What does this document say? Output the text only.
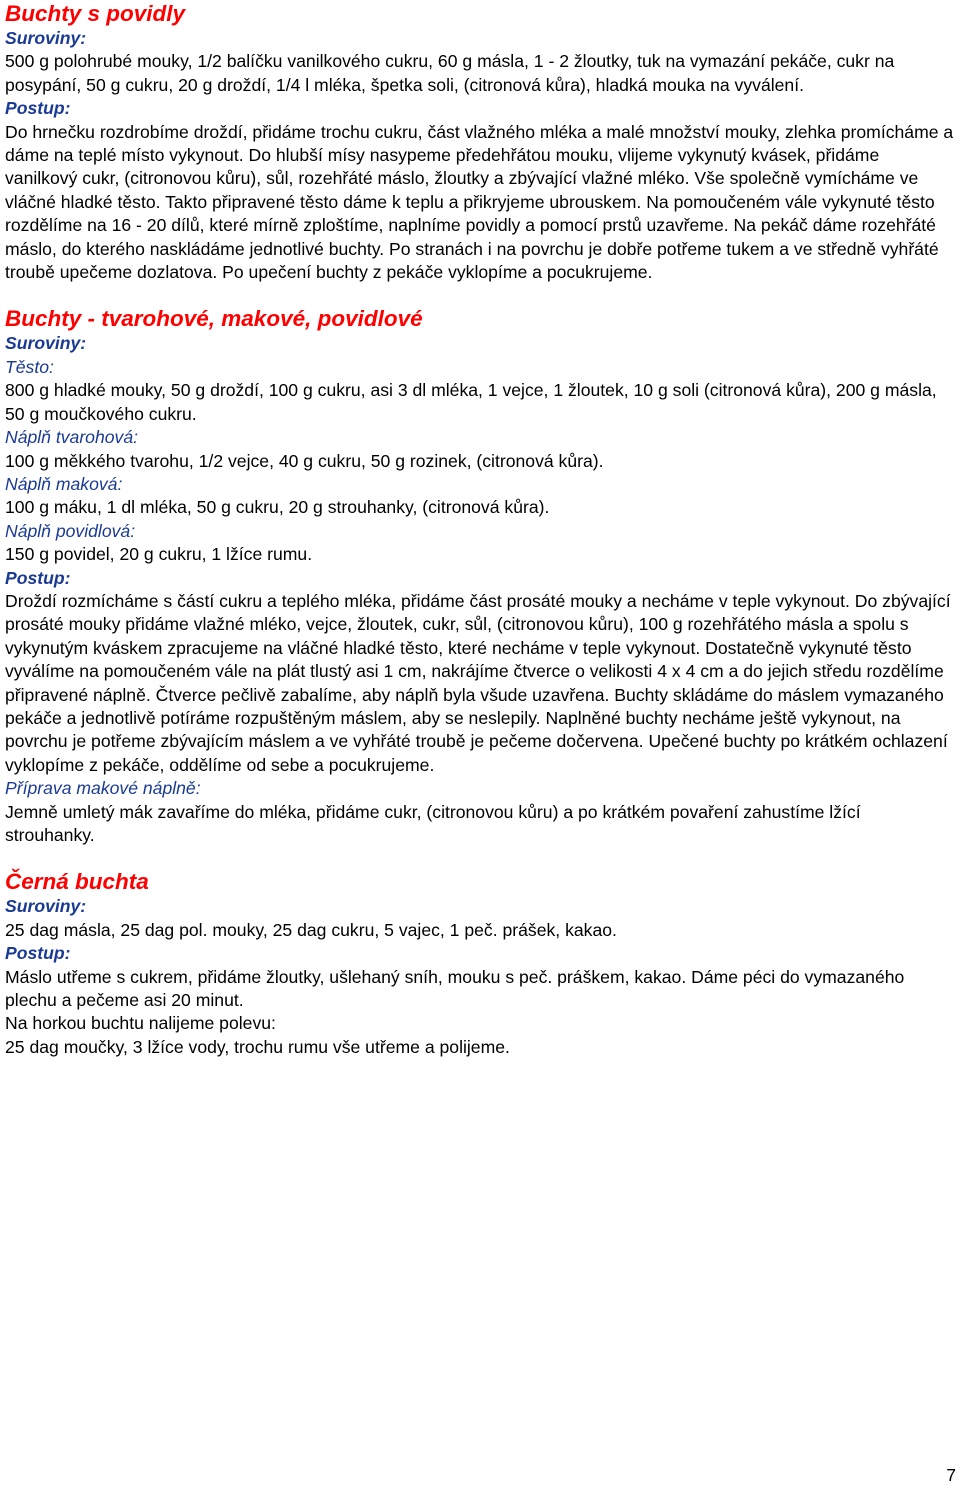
Buchty s povidly
Suroviny:

500 g polohrubé mouky, 1/2 balíčku vanilkového cukru, 60 g másla, 1 - 2 žloutky, tuk na vymazání pekáče, cukr na posypání, 50 g cukru, 20 g droždí, 1/4 l mléka, špetka soli, (citronová kůra), hladká mouka na vyválení.

Postup:

Do hrnečku rozdrobíme droždí, přidáme trochu cukru, část vlažného mléka a malé množství mouky, zlehka promícháme a dáme na teplé místo vykynout. Do hlubší mísy nasypeme předehřátou mouku, vlijeme vykynutý kvásek, přidáme vanilkový cukr, (citronovou kůru), sůl, rozehřáté máslo, žloutky a zbývající vlažné mléko. Vše společně vymícháme ve vláčné hladké těsto. Takto připravené těsto dáme k teplu a přikryjeme ubrouskem. Na pomoučeném vále vykynuté těsto rozdělíme na 16 - 20 dílů, které mírně zploštíme, naplníme povidly a pomocí prstů uzavřeme. Na pekáč dáme rozehřáté máslo, do kterého naskládáme jednotlivé buchty. Po stranách i na povrchu je dobře potřeme tukem a ve středně vyhřáté troubě upečeme dozlatova. Po upečení buchty z pekáče vyklopíme a pocukrujeme.

Buchty - tvarohové, makové, povidlové
Suroviny:
Těsto:

800 g hladké mouky, 50 g droždí, 100 g cukru, asi 3 dl mléka, 1 vejce, 1 žloutek, 10 g soli (citronová kůra), 200 g másla, 50 g moučkového cukru.

Náplň tvarohová:

100 g měkkého tvarohu, 1/2 vejce, 40 g cukru, 50 g rozinek, (citronová kůra).

Náplň maková:

100 g máku, 1 dl mléka, 50 g cukru, 20 g strouhanky, (citronová kůra).

Náplň povidlová:

150 g povidel, 20 g cukru, 1 lžíce rumu.

Postup:

Droždí rozmícháme s částí cukru a teplého mléka, přidáme část prosáté mouky a necháme v teple vykynout. Do zbývající prosáté mouky přidáme vlažné mléko, vejce, žloutek, cukr, sůl, (citronovou kůru), 100 g rozehřátého másla a spolu s vykynutým kváskem zpracujeme na vláčné hladké těsto, které necháme v teple vykynout. Dostatečně vykynuté těsto vyválíme na pomoučeném vále na plát tlustý asi 1 cm, nakrájíme čtverce o velikosti 4 x 4 cm a do jejich středu rozdělíme připravené náplně. Čtverce pečlivě zabalíme, aby náplň byla všude uzavřena. Buchty skládáme do máslem vymazaného pekáče a jednotlivě potíráme rozpuštěným máslem, aby se neslepily. Naplněné buchty necháme ještě vykynout, na povrchu je potřeme zbývajícím máslem a ve vyhřáté troubě je pečeme dočervena. Upečené buchty po krátkém ochlazení vyklopíme z pekáče, oddělíme od sebe a pocukrujeme.

Příprava makové náplně:

Jemně umletý mák zavaříme do mléka, přidáme cukr, (citronovou kůru) a po krátkém povaření zahustíme lžící strouhanky.

Černá buchta
Suroviny:

25 dag másla, 25 dag pol. mouky, 25 dag cukru, 5 vajec, 1 peč. prášek, kakao.

Postup:

Máslo utřeme s cukrem, přidáme žloutky, ušlehaný sníh, mouku s peč. práškem, kakao. Dáme péci do vymazaného plechu a pečeme asi 20 minut.

Na horkou buchtu nalijeme polevu:

25 dag moučky, 3 lžíce vody, trochu rumu vše utřeme a polijeme.

7
